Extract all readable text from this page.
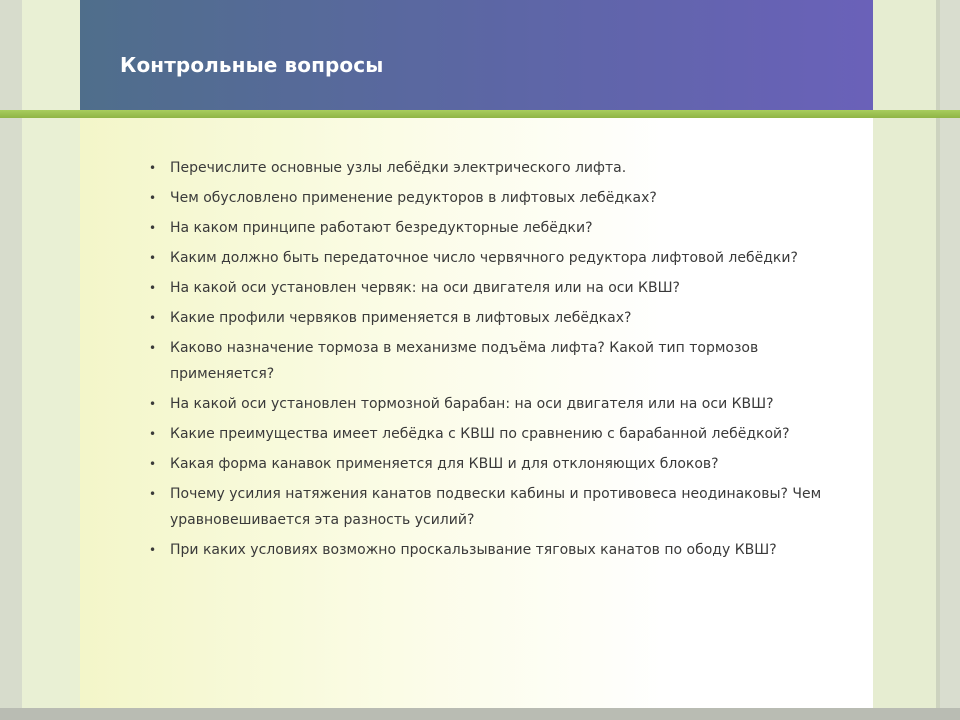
Контрольные вопросы
• Перечислите основные узлы лебёдки электрического лифта.
• Чем обусловлено применение редукторов в лифтовых лебёдках?
• На каком принципе работают безредукторные лебёдки?
• Каким должно быть передаточное число червячного редуктора лифтовой лебёдки?
• На какой оси установлен червяк: на оси двигателя или на оси КВШ?
• Какие профили червяков применяется в лифтовых лебёдках?
• Каково назначение тормоза в механизме подъёма лифта? Какой тип тормозов применяется?
• На какой оси установлен тормозной барабан: на оси двигателя или на оси КВШ?
• Какие преимущества имеет лебёдка с КВШ по сравнению с барабанной лебёдкой?
• Какая форма канавок применяется для КВШ и для отклоняющих блоков?
• Почему усилия натяжения канатов подвески кабины и противовеса неодинаковы? Чем уравновешивается эта разность усилий?
• При каких условиях возможно проскальзывание тяговых канатов по ободу КВШ?
